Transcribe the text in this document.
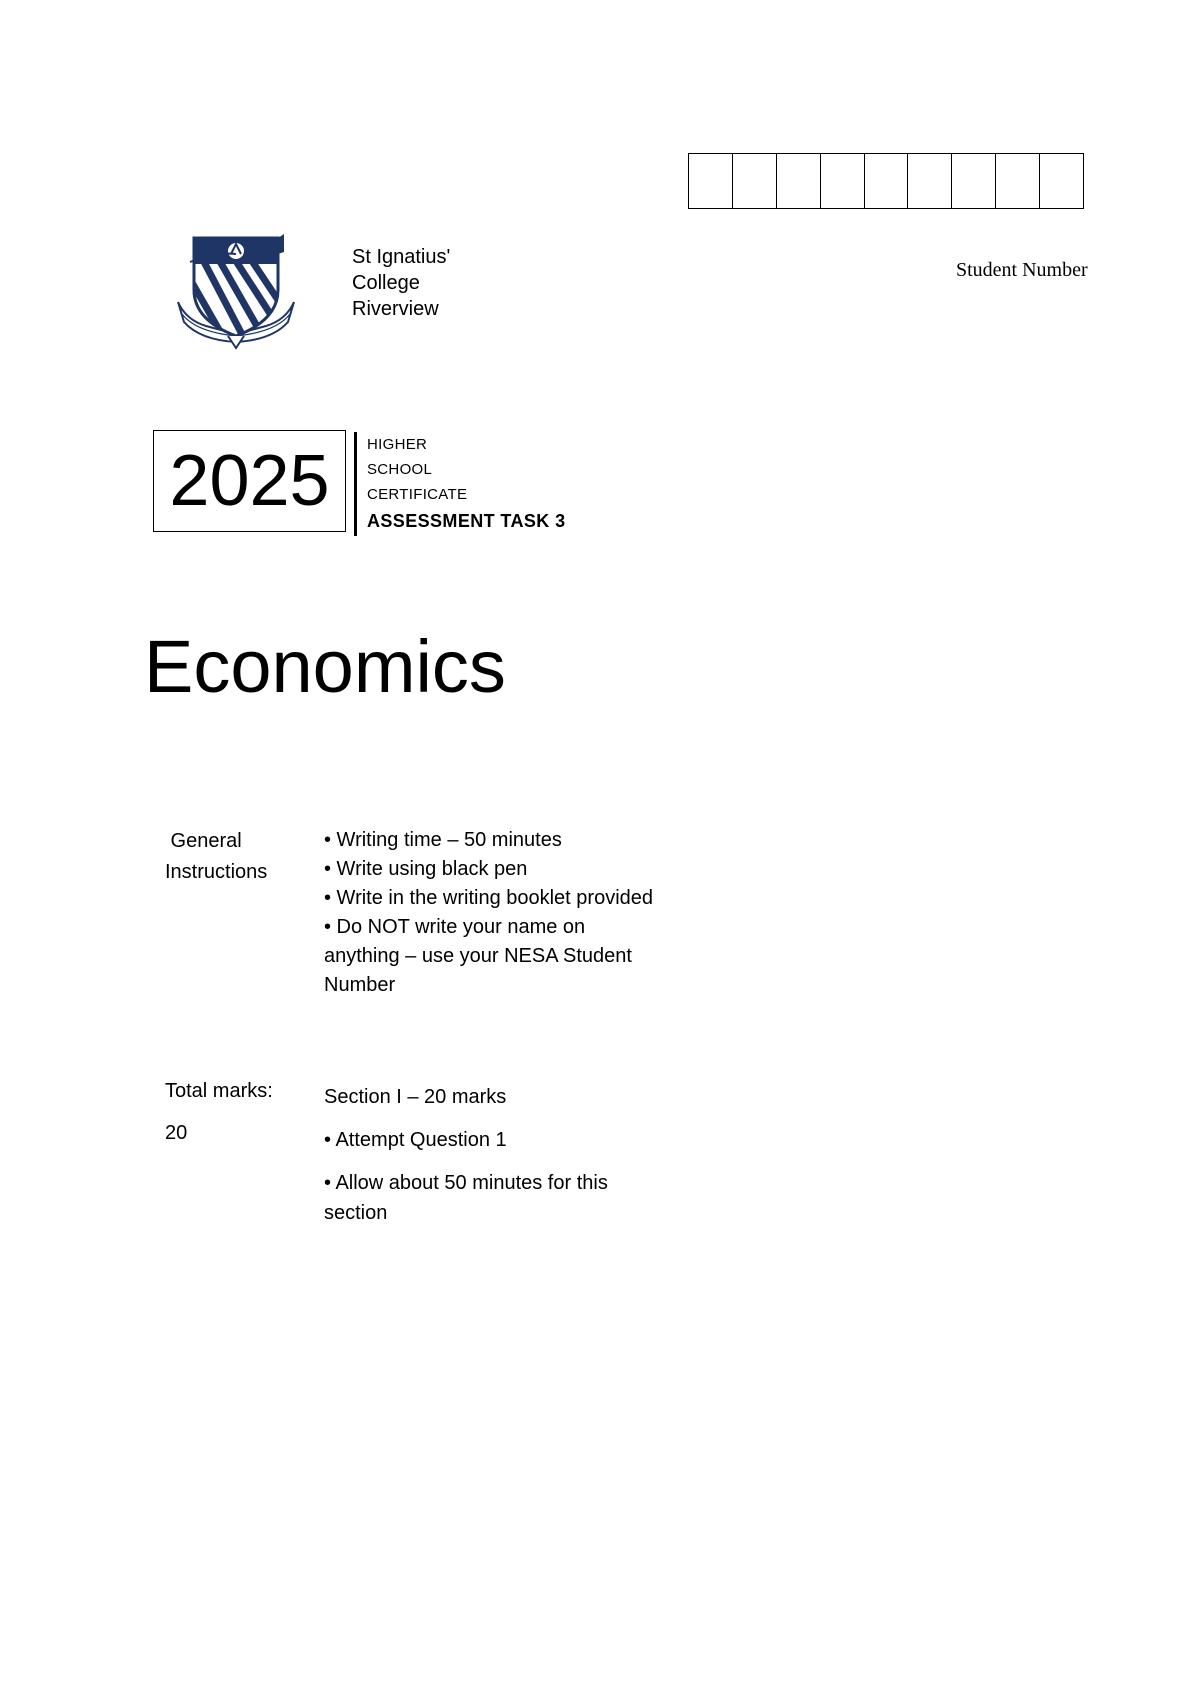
Student Number
St Ignatius'
College
Riverview
2025	HIGHER
SCHOOL
CERTIFICATE
ASSESSMENT TASK 3
Economics
General
Instructions
• Writing time – 50 minutes
• Write using black pen
• Write in the writing booklet provided
• Do NOT write your name on anything – use your NESA Student Number
Total marks:
20
Section I – 20 marks
• Attempt Question 1
• Allow about 50 minutes for this section
